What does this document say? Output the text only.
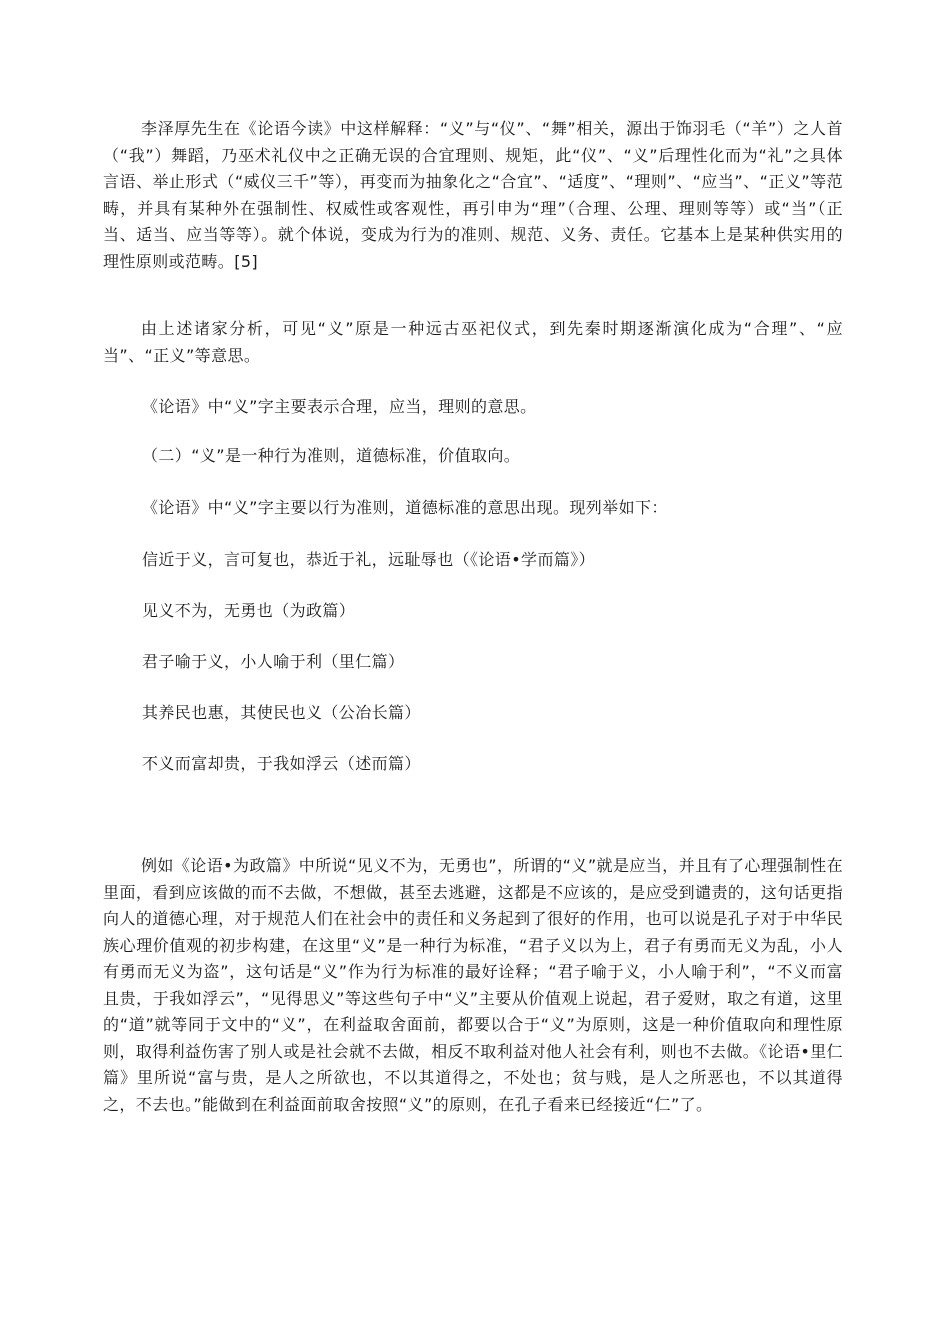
李泽厚先生在《论语今读》中这样解释：“义”与“仪”、“舞”相关，源出于饰羽毛（“羊”）之人首（“我”）舞蹈，乃巫术礼仪中之正确无误的合宜理则、规矩，此“仪”、“义”后理性化而为“礼”之具体言语、举止形式（“威仪三千”等），再变而为抽象化之“合宜”、“适度”、“理则”、“应当”、“正义”等范畴，并具有某种外在强制性、权威性或客观性，再引申为“理”（合理、公理、理则等等）或“当”（正当、适当、应当等等）。就个体说，变成为行为的准则、规范、义务、责任。它基本上是某种供实用的理性原则或范畴。[5]

由上述诸家分析，可见“义”原是一种远古巫祀仪式，到先秦时期逐渐演化成为“合理”、“应当”、“正义”等意思。

《论语》中“义”字主要表示合理，应当，理则的意思。

（二）“义”是一种行为准则，道德标准，价值取向。

《论语》中“义”字主要以行为准则，道德标准的意思出现。现列举如下：

信近于义，言可复也，恭近于礼，远耻辱也（《论语•学而篇》）

见义不为，无勇也（为政篇）

君子喻于义，小人喻于利（里仁篇）

其养民也惠，其使民也义（公冶长篇）

不义而富却贵，于我如浮云（述而篇）

例如《论语•为政篇》中所说“见义不为，无勇也”，所谓的“义”就是应当，并且有了心理强制性在里面，看到应该做的而不去做，不想做，甚至去逃避，这都是不应该的，是应受到谴责的，这句话更指向人的道德心理，对于规范人们在社会中的责任和义务起到了很好的作用，也可以说是孔子对于中华民族心理价值观的初步构建，在这里“义”是一种行为标准，“君子义以为上，君子有勇而无义为乱，小人有勇而无义为盗”，这句话是“义”作为行为标准的最好诠释；“君子喻于义，小人喻于利”，“不义而富且贵，于我如浮云”，“见得思义”等这些句子中“义”主要从价值观上说起，君子爱财，取之有道，这里的“道”就等同于文中的“义”，在利益取舍面前，都要以合于“义”为原则，这是一种价值取向和理性原则，取得利益伤害了别人或是社会就不去做，相反不取利益对他人社会有利，则也不去做。《论语•里仁篇》里所说“富与贵，是人之所欲也，不以其道得之，不处也；贫与贱，是人之所恶也，不以其道得之，不去也。”能做到在利益面前取舍按照“义”的原则，在孔子看来已经接近“仁”了。
